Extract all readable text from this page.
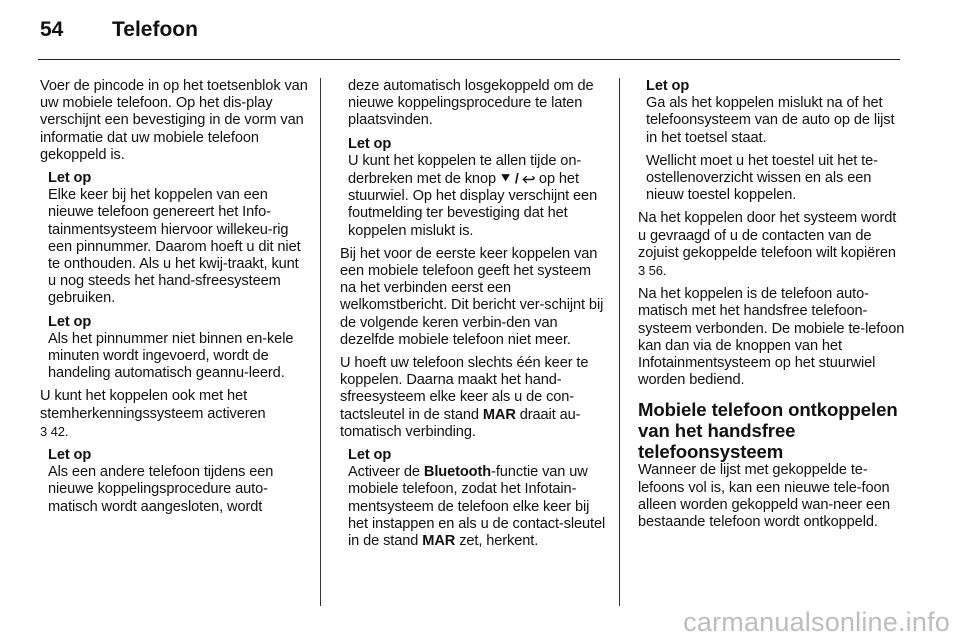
54	Telefoon

Voer de pincode in op het toetsenblok van uw mobiele telefoon. Op het dis-play verschijnt een bevestiging in de vorm van informatie dat uw mobiele telefoon gekoppeld is.

Let op
Elke keer bij het koppelen van een nieuwe telefoon genereert het Info-tainmentsysteem hiervoor willekeu-rig een pinnummer. Daarom hoeft u dit niet te onthouden. Als u het kwij-traakt, kunt u nog steeds het hand-sfreesysteem gebruiken.
Let op
Als het pinnummer niet binnen en-kele minuten wordt ingevoerd, wordt de handeling automatisch geannu-leerd.

U kunt het koppelen ook met het stemherkenningssysteem activeren
3 42.

Let op
Als een andere telefoon tijdens een nieuwe koppelingsprocedure auto-matisch wordt aangesloten, wordt
deze automatisch losgekoppeld om de nieuwe koppelingsprocedure te laten plaatsvinden.
Let op
U kunt het koppelen te allen tijde on-derbreken met de knop ⯆ / ↩ op het stuurwiel. Op het display verschijnt een foutmelding ter bevestiging dat het koppelen mislukt is.

Bij het voor de eerste keer koppelen van een mobiele telefoon geeft het systeem na het verbinden eerst een welkomstbericht. Dit bericht ver-schijnt bij de volgende keren verbin-den van dezelfde mobiele telefoon niet meer.

U hoeft uw telefoon slechts één keer te koppelen. Daarna maakt het hand-sfreesysteem elke keer als u de con-tactsleutel in de stand MAR draait au-tomatisch verbinding.

Let op
Activeer de Bluetooth-functie van uw mobiele telefoon, zodat het Infotain-mentsysteem de telefoon elke keer bij het instappen en als u de contact-sleutel in de stand MAR zet, herkent.
Let op
Ga als het koppelen mislukt na of het telefoonsysteem van de auto op de lijst in het toetsel staat.
Wellicht moet u het toestel uit het te-ostellenoverzicht wissen en als een nieuw toestel koppelen.

Na het koppelen door het systeem wordt u gevraagd of u de contacten van de zojuist gekoppelde telefoon wilt kopiëren 3 56.

Na het koppelen is de telefoon auto-matisch met het handsfree telefoon-systeem verbonden. De mobiele te-lefoon kan dan via de knoppen van het Infotainmentsysteem op het stuurwiel worden bediend.

Mobiele telefoon ontkoppelen van het handsfree telefoonsysteem

Wanneer de lijst met gekoppelde te-lefoons vol is, kan een nieuwe tele-foon alleen worden gekoppeld wan-neer een bestaande telefoon wordt ontkoppeld.

carmanualsonline.info
